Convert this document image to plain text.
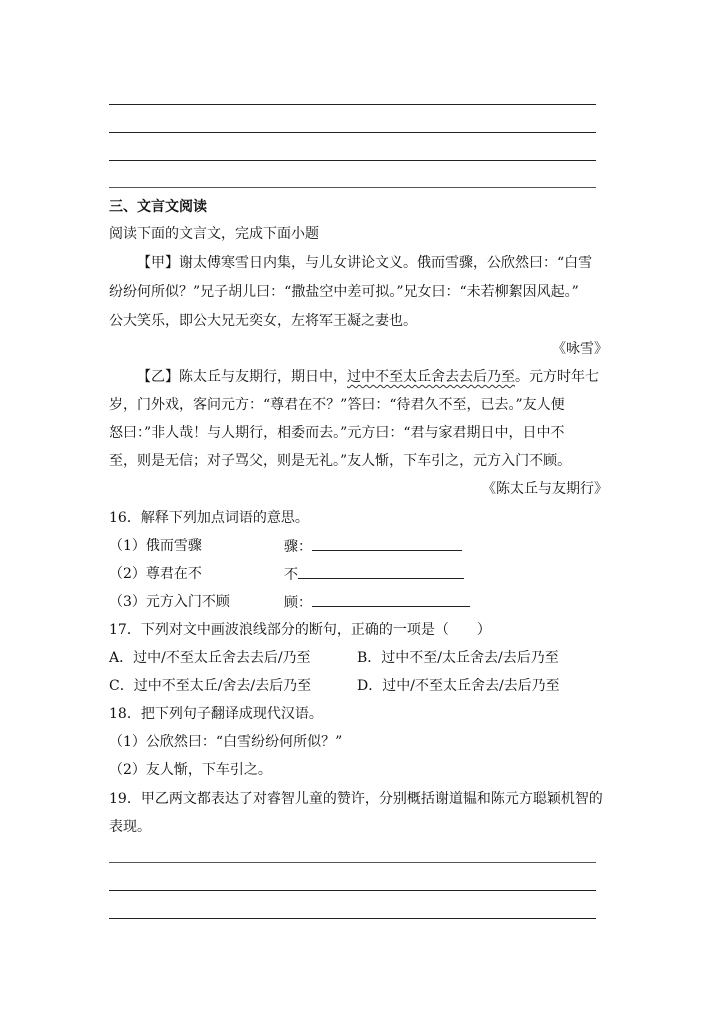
三、文言文阅读
阅读下面的文言文，完成下面小题
【甲】谢太傅寒雪日内集，与儿女讲论文义。俄而雪骤，公欣然曰：“白雪
纷纷何所似？”兄子胡儿曰：“撒盐空中差可拟。”兄女曰：“未若柳絮因风起。”
公大笑乐，即公大兄无奕女，左将军王凝之妻也。
《咏雪》
【乙】陈太丘与友期行，期日中，过中不至太丘舍去去后乃至。元方时年七
岁，门外戏，客问元方：“尊君在不？”答曰：“待君久不至，已去。”友人便
怒曰：”非人哉！与人期行，相委而去。”元方曰：“君与家君期日中，日中不
至，则是无信；对子骂父，则是无礼。”友人惭，下车引之，元方入门不顾。
《陈太丘与友期行》
16．解释下列加点词语的意思。
（1）俄而雪骤	骤：
（2）尊君在不	不
（3）元方入门不顾	顾：
17．下列对文中画波浪线部分的断句，正确的一项是（　　）
A．过中/不至太丘舍去去后/乃至	B．过中不至/太丘舍去/去后乃至
C．过中不至太丘/舍去/去后乃至	D．过中/不至太丘舍去/去后乃至
18．把下列句子翻译成现代汉语。
（1）公欣然曰：“白雪纷纷何所似？”
（2）友人惭，下车引之。
19．甲乙两文都表达了对睿智儿童的赞许，分别概括谢道韫和陈元方聪颖机智的
表现。
